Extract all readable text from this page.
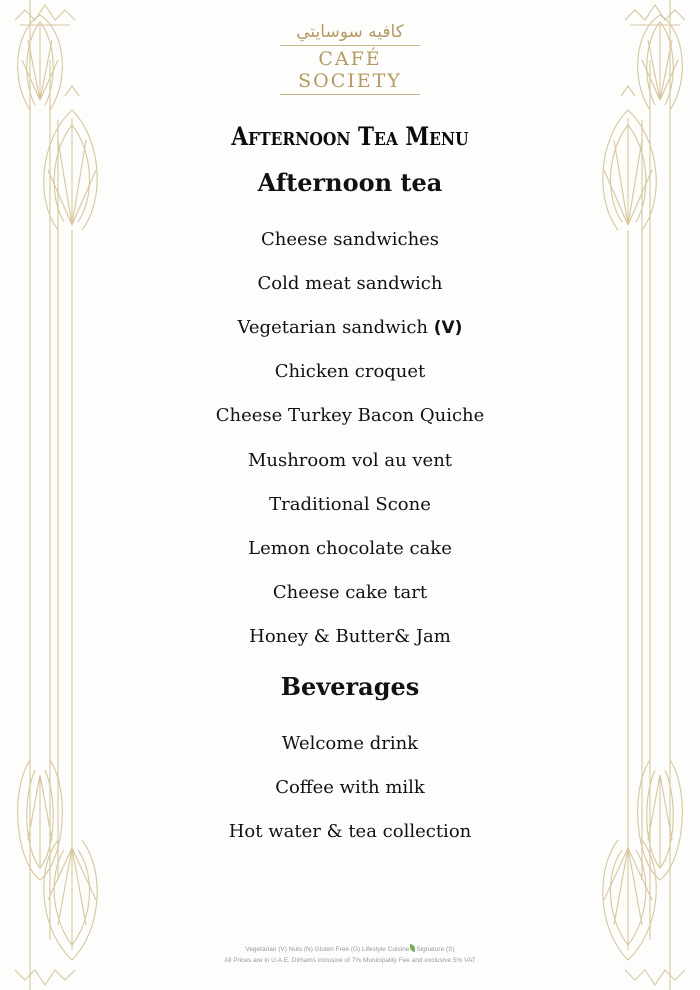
كافيه سوسايتي
CAFÉ SOCIETY
Afternoon Tea Menu
Afternoon tea
Cheese sandwiches
Cold meat sandwich
Vegetarian sandwich (V)
Chicken croquet
Cheese Turkey Bacon Quiche
Mushroom vol au vent
Traditional Scone
Lemon chocolate cake
Cheese cake tart
Honey & Butter& Jam
Beverages
Welcome drink
Coffee with milk
Hot water & tea collection
Vegetarian (V) Nuts (N) Gluten Free (G) Lifestyle Cuisine Signature (S)
All Prices are in U.A.E. Dirhams inclusive of 7% Municipality Fee and exclusive 5% VAT
